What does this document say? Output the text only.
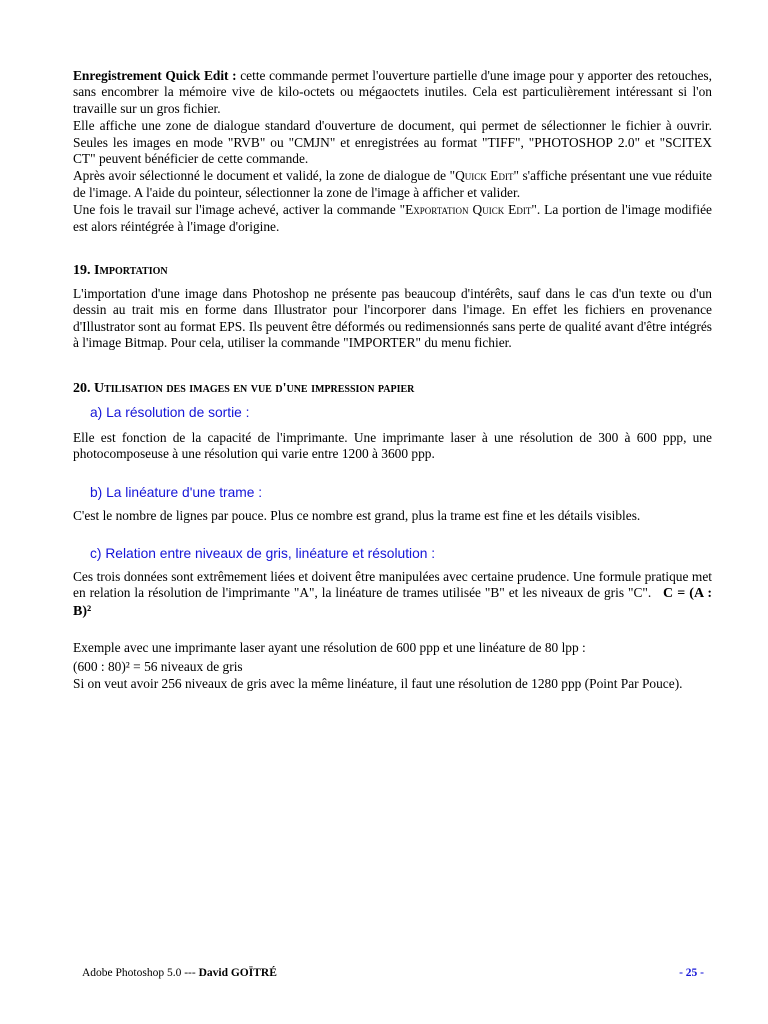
Enregistrement Quick Edit : cette commande permet l'ouverture partielle d'une image pour y apporter des retouches, sans encombrer la mémoire vive de kilo-octets ou mégaoctets inutiles. Cela est particulièrement intéressant si l'on travaille sur un gros fichier.

Elle affiche une zone de dialogue standard d'ouverture de document, qui permet de sélectionner le fichier à ouvrir. Seules les images en mode "RVB" ou "CMJN" et enregistrées au format "TIFF", "PHOTOSHOP 2.0" et "SCITEX CT" peuvent bénéficier de cette commande.

Après avoir sélectionné le document et validé, la zone de dialogue de "Quick Edit" s'affiche présentant une vue réduite de l'image. A l'aide du pointeur, sélectionner la zone de l'image à afficher et valider.

Une fois le travail sur l'image achevé, activer la commande "Exportation Quick Edit". La portion de l'image modifiée est alors réintégrée à l'image d'origine.

19. Importation

L'importation d'une image dans Photoshop ne présente pas beaucoup d'intérêts, sauf dans le cas d'un texte ou d'un dessin au trait mis en forme dans Illustrator pour l'incorporer dans l'image. En effet les fichiers en provenance d'Illustrator sont au format EPS. Ils peuvent être déformés ou redimensionnés sans perte de qualité avant d'être intégrés à l'image Bitmap. Pour cela, utiliser la commande "IMPORTER" du menu fichier.

20. Utilisation des images en vue d'une impression papier
a) La résolution de sortie :

Elle est fonction de la capacité de l'imprimante. Une imprimante laser à une résolution de 300 à 600 ppp, une photocomposeuse à une résolution qui varie entre 1200 à 3600 ppp.

b) La linéature d'une trame :

C'est le nombre de lignes par pouce. Plus ce nombre est grand, plus la trame est fine et les détails visibles.

c) Relation entre niveaux de gris, linéature et résolution :

Ces trois données sont extrêmement liées et doivent être manipulées avec certaine prudence. Une formule pratique met en relation la résolution de l'imprimante "A", la linéature de trames utilisée "B" et les niveaux de gris "C". C = (A : B)²

Exemple avec une imprimante laser ayant une résolution de 600 ppp et une linéature de 80 lpp :

(600 : 80)² = 56 niveaux de gris

Si on veut avoir 256 niveaux de gris avec la même linéature, il faut une résolution de 1280 ppp (Point Par Pouce).

Adobe Photoshop 5.0 --- David GOÏTRÉ	- 25 -
